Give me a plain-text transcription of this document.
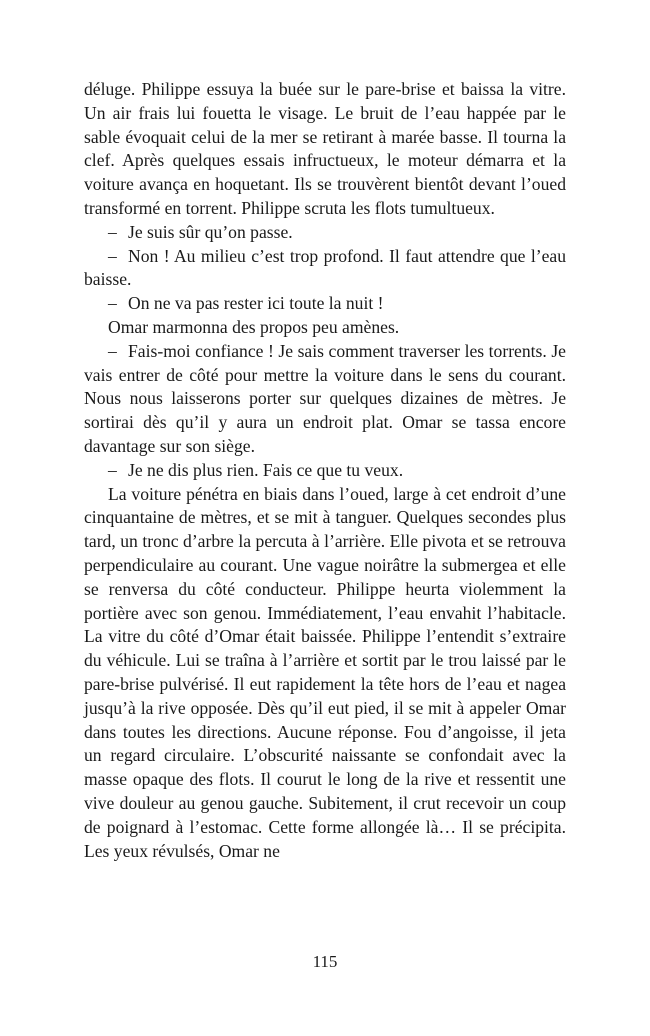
déluge. Philippe essuya la buée sur le pare-brise et baissa la vitre. Un air frais lui fouetta le visage. Le bruit de l’eau happée par le sable évoquait celui de la mer se retirant à marée basse. Il tourna la clef. Après quelques essais infructueux, le moteur démarra et la voiture avança en hoquetant. Ils se trouvèrent bientôt devant l’oued transformé en torrent. Philippe scruta les flots tumultueux.

– Je suis sûr qu’on passe.

– Non ! Au milieu c’est trop profond. Il faut attendre que l’eau baisse.

– On ne va pas rester ici toute la nuit !

Omar marmonna des propos peu amènes.

– Fais-moi confiance ! Je sais comment traverser les torrents. Je vais entrer de côté pour mettre la voiture dans le sens du courant. Nous nous laisserons porter sur quelques dizaines de mètres. Je sortirai dès qu’il y aura un endroit plat. Omar se tassa encore davantage sur son siège.

– Je ne dis plus rien. Fais ce que tu veux.

La voiture pénétra en biais dans l’oued, large à cet endroit d’une cinquantaine de mètres, et se mit à tanguer. Quelques secondes plus tard, un tronc d’arbre la percuta à l’arrière. Elle pivota et se retrouva perpendiculaire au courant. Une vague noirâtre la submergea et elle se renversa du côté conducteur. Philippe heurta violemment la portière avec son genou. Immédiatement, l’eau envahit l’habitacle. La vitre du côté d’Omar était baissée. Philippe l’entendit s’extraire du véhicule. Lui se traîna à l’arrière et sortit par le trou laissé par le pare-brise pulvérisé. Il eut rapidement la tête hors de l’eau et nagea jusqu’à la rive opposée. Dès qu’il eut pied, il se mit à appeler Omar dans toutes les directions. Aucune réponse. Fou d’angoisse, il jeta un regard circulaire. L’obscurité naissante se confondait avec la masse opaque des flots. Il courut le long de la rive et ressentit une vive douleur au genou gauche. Subitement, il crut recevoir un coup de poignard à l’estomac. Cette forme allongée là… Il se précipita. Les yeux révulsés, Omar ne

115
